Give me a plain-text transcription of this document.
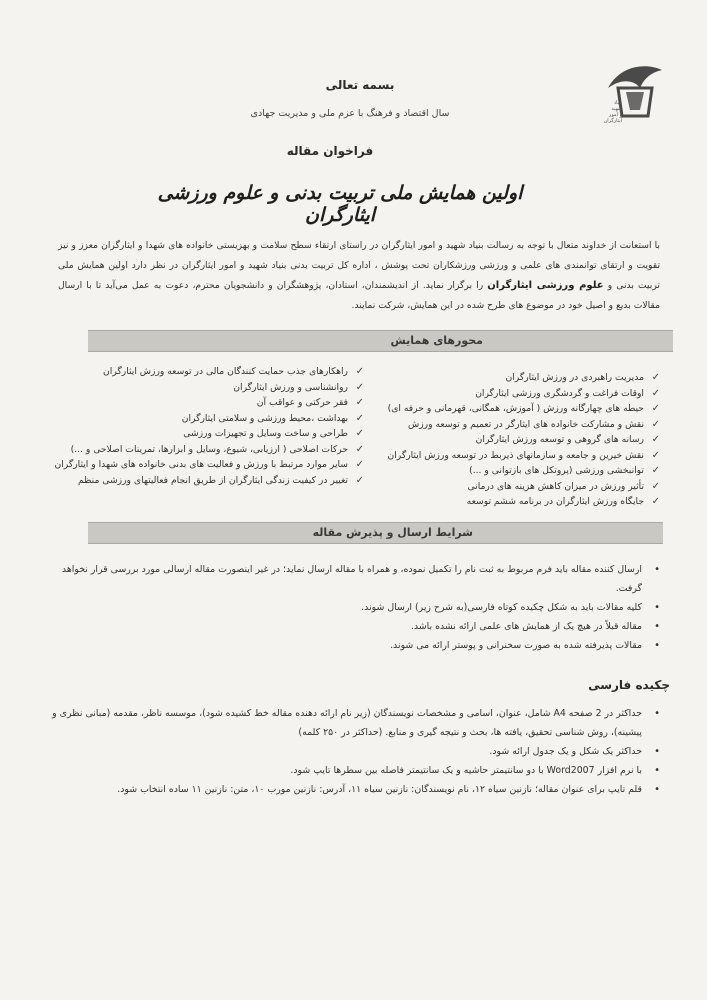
بنیاد
شهید
و امور ایثارگران
بسمه تعالی
سال اقتصاد و فرهنگ با عزم ملی و مدیریت جهادی
فراخوان مقاله
اولین همایش ملی تربیت بدنی و علوم ورزشی ایثارگران
با استعانت از خداوند متعال با توجه به رسالت بنیاد شهید و امور ایثارگران در راستای ارتقاء سطح سلامت و بهزیستی خانواده های شهدا و ایثارگران معزز و نیز تقویت و ارتقای توانمندی های علمی و ورزشی ورزشکاران تحت پوشش ، اداره کل تربیت بدنی بنیاد شهید و امور ایثارگران در نظر دارد اولین همایش ملی تربیت بدنی و علوم ورزشی ایثارگران را برگزار نماید. از اندیشمندان، استادان، پژوهشگران و دانشجویان محترم، دعوت به عمل می‌آید تا با ارسال مقالات بدیع و اصیل خود در موضوع های طرح شده در این همایش، شرکت نمایند.
محورهای همایش
✓
مدیریت راهبردی در ورزش ایثارگران
✓
اوقات فراغت و گردشگری ورزشی ایثارگران
✓
حیطه های چهارگانه ورزش ( آموزش، همگانی، قهرمانی و حرفه ای)
✓
نقش و مشارکت خانواده های ایثارگر در تعمیم و توسعه ورزش
✓
رسانه های گروهی و توسعه ورزش ایثارگران
✓
نقش خیرین و جامعه و سازمانهای ذیربط در توسعه ورزش ایثارگران
✓
توانبخشی ورزشی (پروتکل های بازتوانی و ...)
✓
تأثیر ورزش در میزان کاهش هزینه های درمانی
✓
جایگاه ورزش ایثارگران در برنامه ششم توسعه
✓
راهکارهای جذب حمایت کنندگان مالی در توسعه ورزش ایثارگران
✓
روانشناسی و ورزش ایثارگران
✓
فقر حرکتی و عواقب آن
✓
بهداشت ،محیط ورزشی و سلامتی ایثارگران
✓
طراحی و ساخت وسایل و تجهیزات ورزشی
✓
حرکات اصلاحی ( ارزیابی، شیوع، وسایل و ابزارها، تمرینات اصلاحی و ...)
✓
سایر موارد مرتبط با ورزش و فعالیت های بدنی خانواده های شهدا و ایثارگران
✓
تغییر در کیفیت زندگی ایثارگران از طریق انجام فعالیتهای ورزشی منظم
شرایط ارسال و پذیرش مقاله
•
ارسال کننده مقاله باید فرم مربوط به ثبت نام را تکمیل نموده، و همراه با مقاله ارسال نماید؛ در غیر اینصورت مقاله ارسالی مورد بررسی قرار نخواهد گرفت.
•
کلیه مقالات باید به شکل چکیده کوتاه فارسی(به شرح زیر) ارسال شوند.
•
مقاله قبلاً در هیچ یک از همایش های علمی ارائه نشده باشد.
•
مقالات پذیرفته شده به صورت سخنرانی و پوستر ارائه می شوند.
چکیده فارسی
•
حداکثر در 2 صفحه A4 شامل، عنوان، اسامی و مشخصات نویسندگان (زیر نام ارائه دهنده مقاله خط کشیده شود)، موسسه ناظر، مقدمه (مبانی نظری و پیشینه)، روش شناسی تحقیق، یافته ها، بحث و نتیجه گیری و منابع. (حداکثر در ۲۵۰ کلمه)
•
حداکثر یک شکل و یک جدول ارائه شود.
•
با نرم افزار Word2007 با دو سانتیمتر حاشیه و یک سانتیمتر فاصله بین سطرها تایپ شود.
•
قلم تایپ برای عنوان مقاله؛ نازنین سیاه ۱۲، نام نویسندگان: نازنین سیاه ۱۱، آدرس: نازنین مورب ۱۰، متن: نازنین ۱۱ ساده انتخاب شود.
